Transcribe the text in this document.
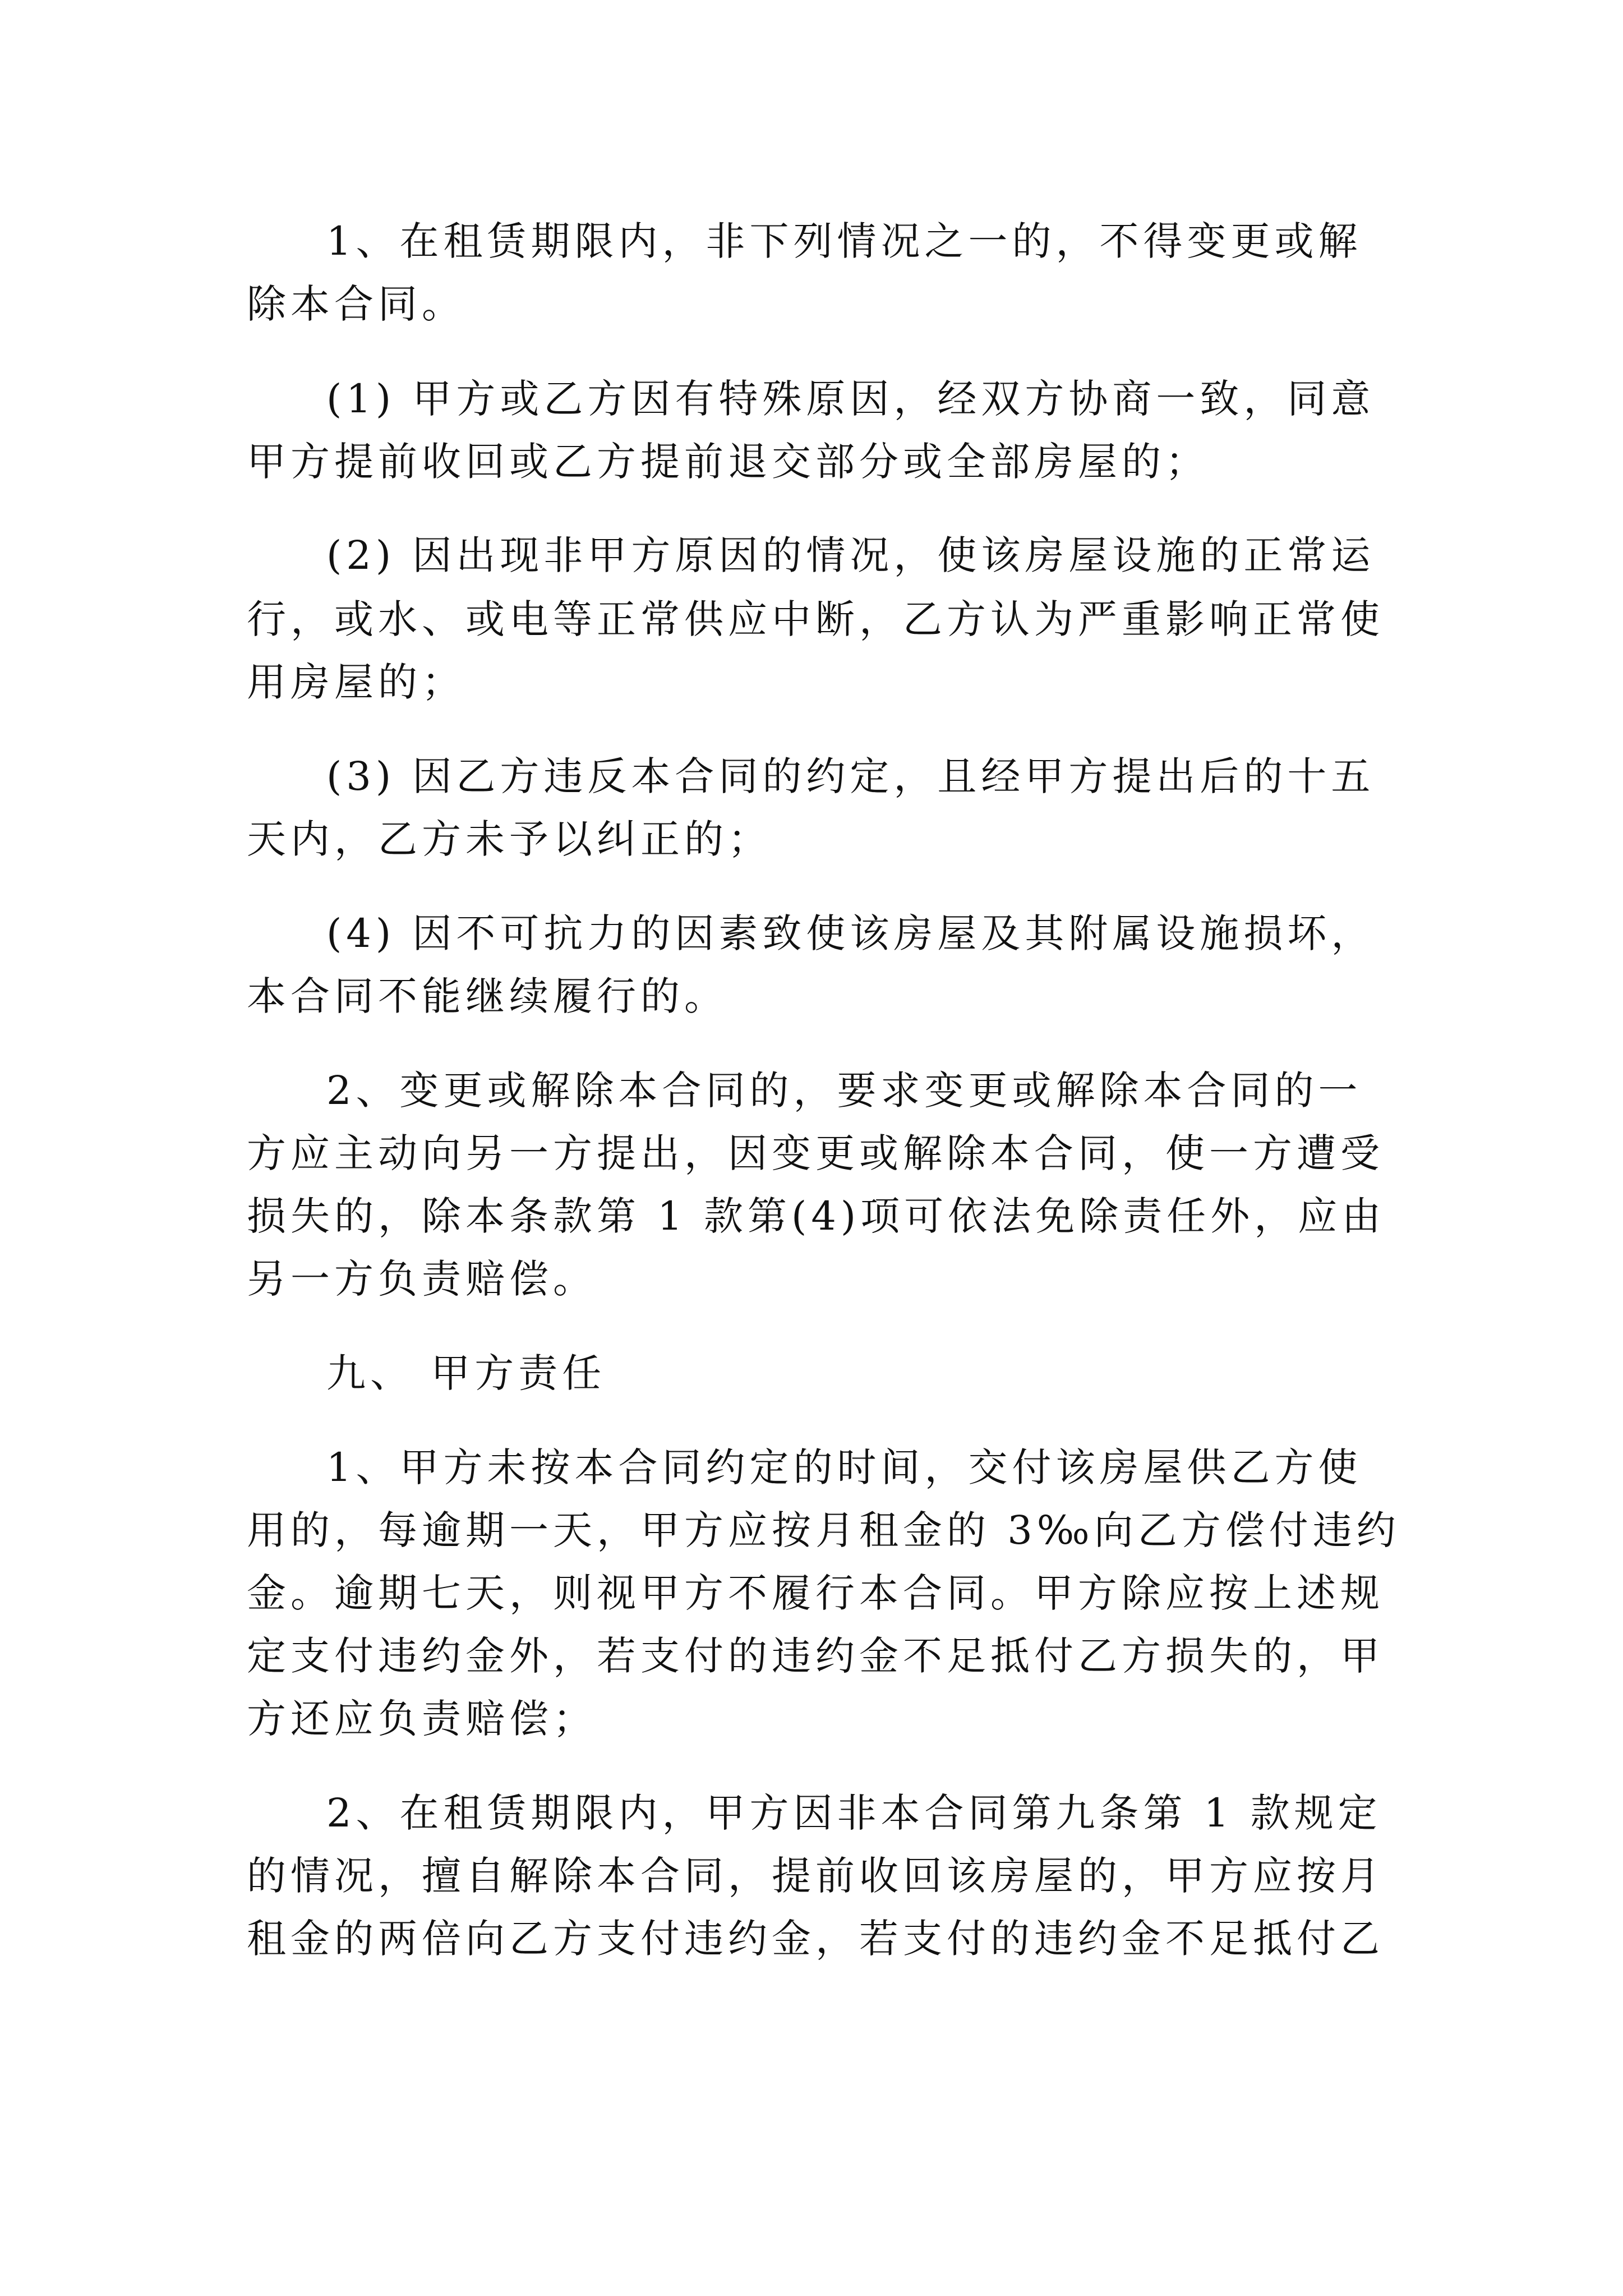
1、在租赁期限内，非下列情况之一的，不得变更或解
除本合同。
(1) 甲方或乙方因有特殊原因，经双方协商一致，同意
甲方提前收回或乙方提前退交部分或全部房屋的；
(2) 因出现非甲方原因的情况，使该房屋设施的正常运
行，或水、或电等正常供应中断，乙方认为严重影响正常使
用房屋的；
(3) 因乙方违反本合同的约定，且经甲方提出后的十五
天内，乙方未予以纠正的；
(4) 因不可抗力的因素致使该房屋及其附属设施损坏，
本合同不能继续履行的。
2、变更或解除本合同的，要求变更或解除本合同的一
方应主动向另一方提出，因变更或解除本合同，使一方遭受
损失的，除本条款第 1 款第(4)项可依法免除责任外，应由
另一方负责赔偿。
九、 甲方责任
1、甲方未按本合同约定的时间，交付该房屋供乙方使
用的，每逾期一天，甲方应按月租金的 3‰向乙方偿付违约
金。逾期七天，则视甲方不履行本合同。甲方除应按上述规
定支付违约金外，若支付的违约金不足抵付乙方损失的，甲
方还应负责赔偿；
2、在租赁期限内，甲方因非本合同第九条第 1 款规定
的情况，擅自解除本合同，提前收回该房屋的，甲方应按月
租金的两倍向乙方支付违约金，若支付的违约金不足抵付乙
